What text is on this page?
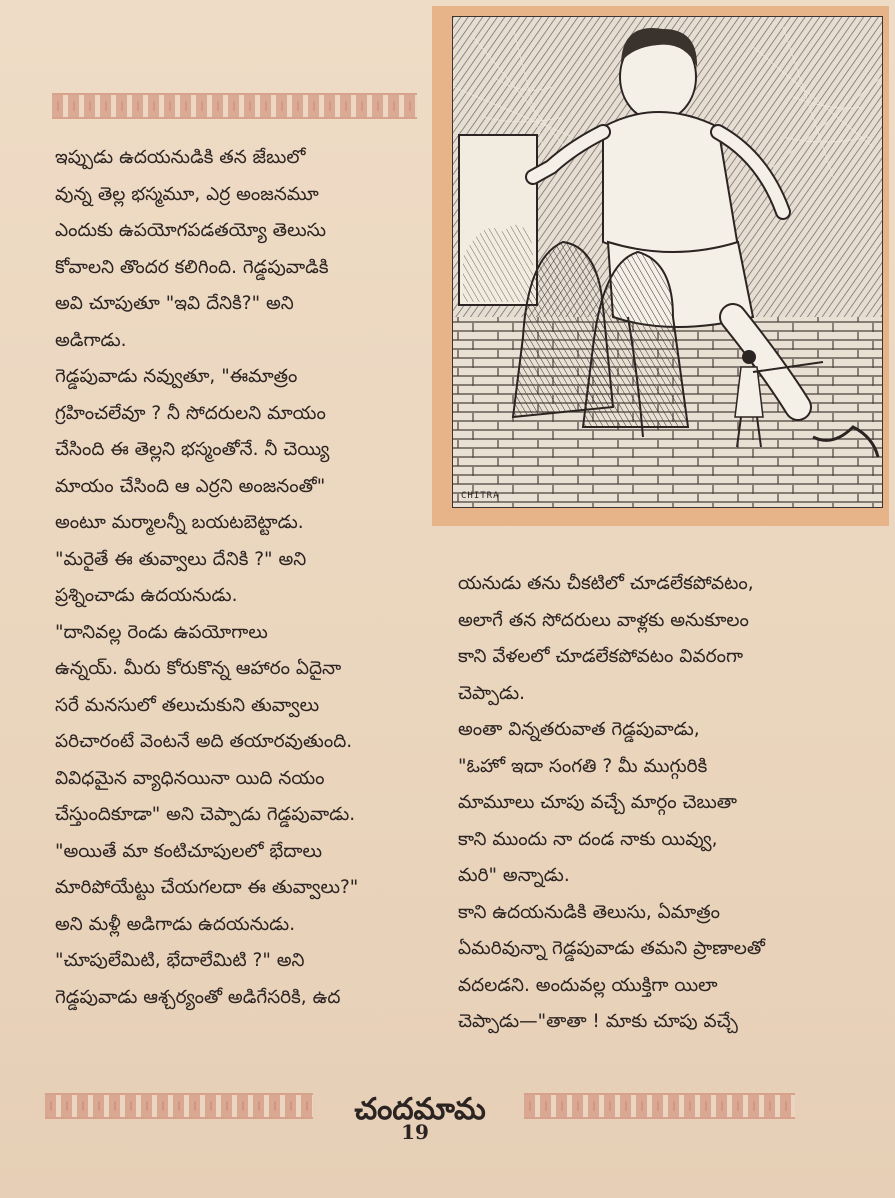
ఇప్పుడు ఉదయనుడికి తన జేబులో
వున్న తెల్ల భస్మమూ, ఎర్ర అంజనమూ
ఎందుకు ఉపయోగపడతయ్యో తెలుసు
కోవాలని తొందర కలిగింది. గెడ్డపువాడికి
అవి చూపుతూ "ఇవి దేనికి?" అని
అడిగాడు.
గెడ్డపువాడు నవ్వుతూ, "ఈమాత్రం
గ్రహించలేవూ ? నీ సోదరులని మాయం
చేసింది ఈ తెల్లని భస్మంతోనే. నీ చెయ్యి
మాయం చేసింది ఆ ఎర్రని అంజనంతో"
అంటూ మర్మాలన్నీ బయటబెట్టాడు.
"మరైతే ఈ తువ్వాలు దేనికి ?" అని
ప్రశ్నించాడు ఉదయనుడు.
"దానివల్ల రెండు ఉపయోగాలు
ఉన్నయ్. మీరు కోరుకొన్న ఆహారం ఏదైనా
సరే మనసులో తలుచుకుని తువ్వాలు
పరిచారంటే వెంటనే అది తయారవుతుంది.
వివిధమైన వ్యాధినయినా యిది నయం
చేస్తుందికూడా" అని చెప్పాడు గెడ్డపువాడు.
"అయితే మా కంటిచూపులలో భేదాలు
మారిపోయేట్టు చేయగలదా ఈ తువ్వాలు?"
అని మళ్లీ అడిగాడు ఉదయనుడు.
"చూపులేమిటి, భేదాలేమిటి ?" అని
గెడ్డపువాడు ఆశ్చర్యంతో అడిగేసరికి, ఉద
CHITRA
యనుడు తను చీకటిలో చూడలేకపోవటం,
అలాగే తన సోదరులు వాళ్లకు అనుకూలం
కాని వేళలలో చూడలేకపోవటం వివరంగా
చెప్పాడు.
అంతా విన్నతరువాత గెడ్డపువాడు,
"ఓహో ఇదా సంగతి ? మీ ముగ్గురికి
మామూలు చూపు వచ్చే మార్గం చెబుతా
కాని ముందు నా దండ నాకు యివ్వు,
మరి" అన్నాడు.
కాని ఉదయనుడికి తెలుసు, ఏమాత్రం
ఏమరివున్నా గెడ్డపువాడు తమని ప్రాణాలతో
వదలడని. అందువల్ల యుక్తిగా యిలా
చెప్పాడు—"తాతా ! మాకు చూపు వచ్చే
చందమామ
19
